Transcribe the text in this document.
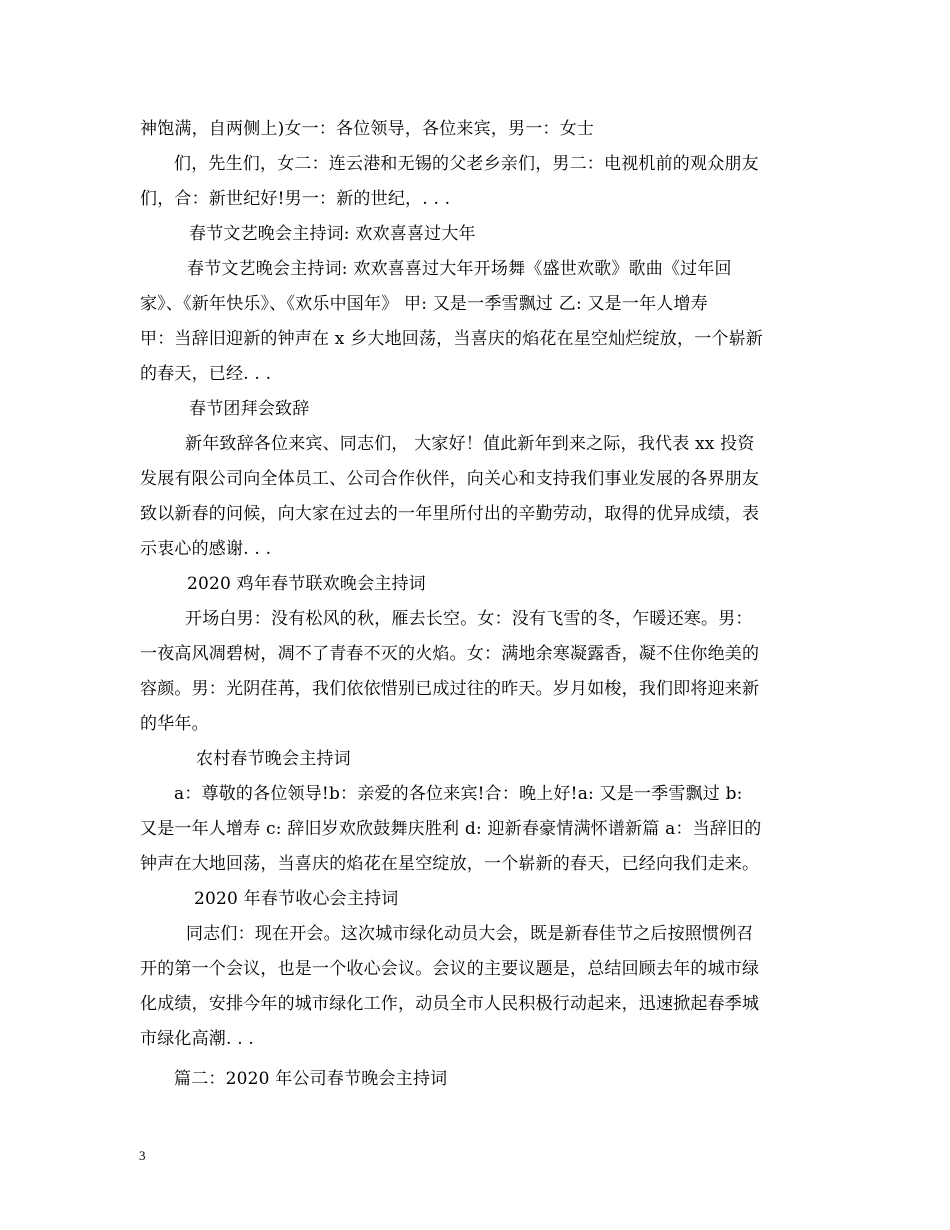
神饱满，自两侧上)女一：各位领导，各位来宾，男一：女士
们，先生们，女二：连云港和无锡的父老乡亲们，男二：电视机前的观众朋友
们，合：新世纪好!男一：新的世纪，. . .
春节文艺晚会主持词: 欢欢喜喜过大年
春节文艺晚会主持词: 欢欢喜喜过大年开场舞《盛世欢歌》歌曲《过年回
家》、《新年快乐》、《欢乐中国年》 甲: 又是一季雪飘过 乙: 又是一年人增寿
甲：当辞旧迎新的钟声在 x 乡大地回荡，当喜庆的焰花在星空灿烂绽放，一个崭新
的春天，已经. . .
春节团拜会致辞
新年致辞各位来宾、同志们， 大家好！值此新年到来之际，我代表 xx 投资
发展有限公司向全体员工、公司合作伙伴，向关心和支持我们事业发展的各界朋友
致以新春的问候，向大家在过去的一年里所付出的辛勤劳动，取得的优异成绩，表
示衷心的感谢. . .
2020 鸡年春节联欢晚会主持词
开场白男：没有松风的秋，雁去长空。女：没有飞雪的冬，乍暖还寒。男：
一夜高风凋碧树，凋不了青春不灭的火焰。女：满地余寒凝露香，凝不住你绝美的
容颜。男：光阴荏苒，我们依依惜别已成过往的昨天。岁月如梭，我们即将迎来新
的华年。
农村春节晚会主持词
a：尊敬的各位领导!b：亲爱的各位来宾!合：晚上好!a: 又是一季雪飘过 b:
又是一年人增寿 c: 辞旧岁欢欣鼓舞庆胜利 d: 迎新春豪情满怀谱新篇 a：当辞旧的
钟声在大地回荡，当喜庆的焰花在星空绽放，一个崭新的春天，已经向我们走来。
2020 年春节收心会主持词
同志们：现在开会。这次城市绿化动员大会，既是新春佳节之后按照惯例召
开的第一个会议，也是一个收心会议。会议的主要议题是，总结回顾去年的城市绿
化成绩，安排今年的城市绿化工作，动员全市人民积极行动起来，迅速掀起春季城
市绿化高潮. . .
篇二：2020 年公司春节晚会主持词
3
